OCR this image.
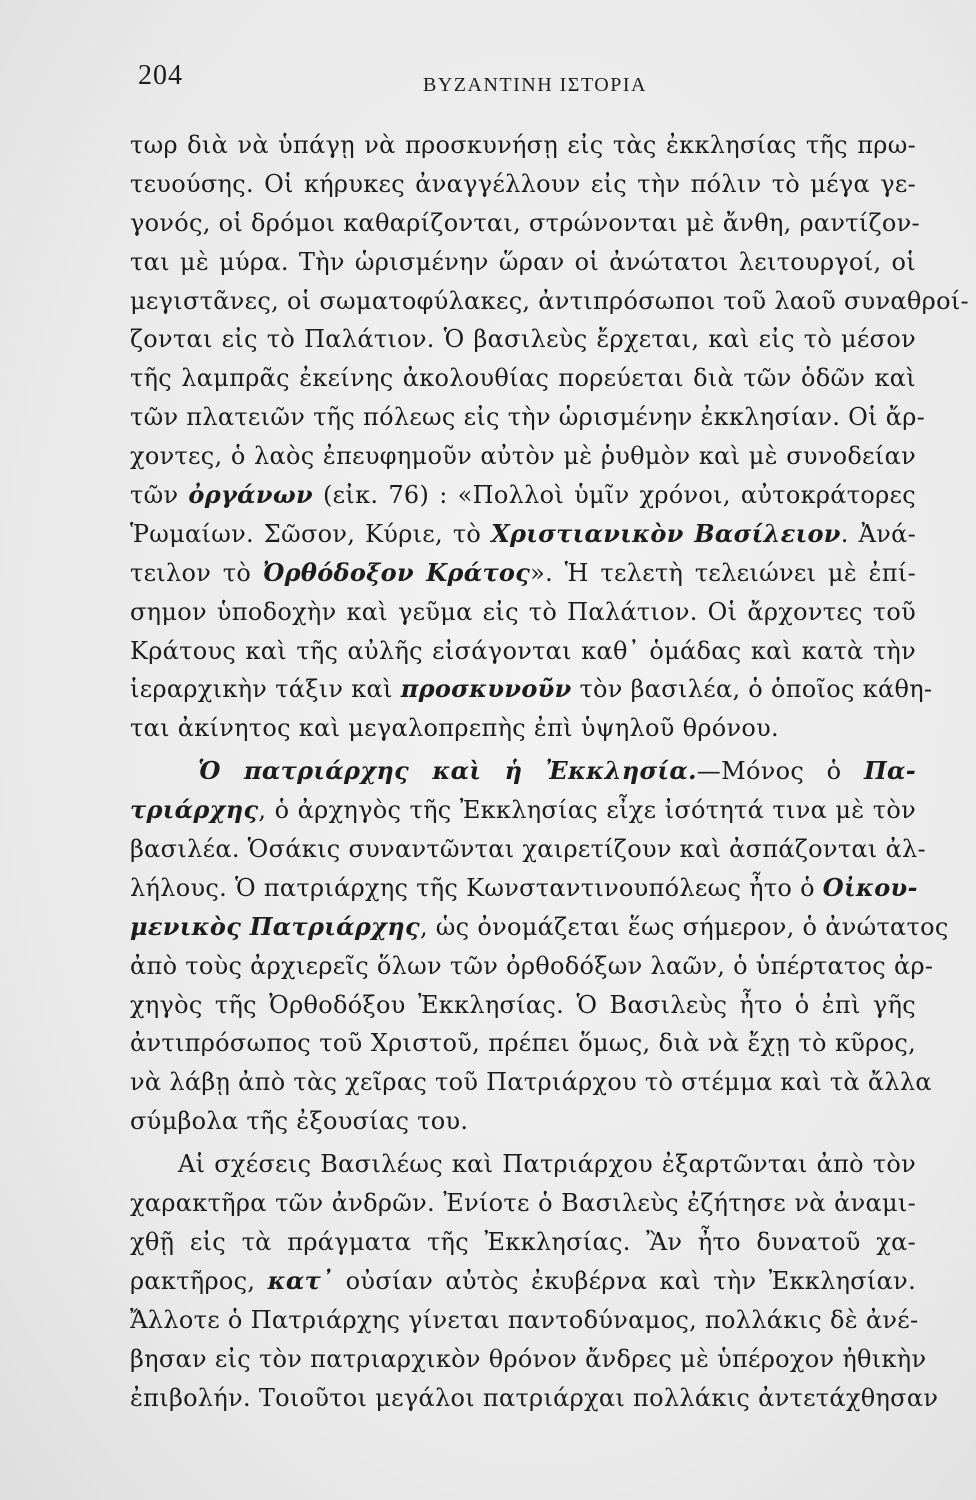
204	ΒΥΖΑΝΤΙΝΗ ΙΣΤΟΡΙΑ
τωρ διὰ νὰ ὑπάγῃ νὰ προσκυνήσῃ εἰς τὰς ἐκκλησίας τῆς πρω-
τευούσης. Οἱ κήρυκες ἀναγγέλλουν εἰς τὴν πόλιν τὸ μέγα γε-
γονός, οἱ δρόμοι καθαρίζονται, στρώνονται μὲ ἄνθη, ραντίζον-
ται μὲ μύρα. Τὴν ὡρισμένην ὥραν οἱ ἀνώτατοι λειτουργοί, οἱ
μεγιστᾶνες, οἱ σωματοφύλακες, ἀντιπρόσωποι τοῦ λαοῦ συναθροί-
ζονται εἰς τὸ Παλάτιον. Ὁ βασιλεὺς ἔρχεται, καὶ εἰς τὸ μέσον
τῆς λαμπρᾶς ἐκείνης ἀκολουθίας πορεύεται διὰ τῶν ὁδῶν καὶ
τῶν πλατειῶν τῆς πόλεως εἰς τὴν ὡρισμένην ἐκκλησίαν. Οἱ ἄρ-
χοντες, ὁ λαὸς ἐπευφημοῦν αὐτὸν μὲ ῥυθμὸν καὶ μὲ συνοδείαν
τῶν ὀργάνων (εἰκ. 76) : «Πολλοὶ ὑμῖν χρόνοι, αὐτοκράτορες
Ῥωμαίων. Σῶσον, Κύριε, τὸ Χριστιανικὸν Βασίλειον. Ἀνά-
τειλον τὸ Ὀρθόδοξον Κράτος». Ἡ τελετὴ τελειώνει μὲ ἐπί-
σημον ὑποδοχὴν καὶ γεῦμα εἰς τὸ Παλάτιον. Οἱ ἄρχοντες τοῦ
Κράτους καὶ τῆς αὐλῆς εἰσάγονται καθ᾽ ὁμάδας καὶ κατὰ τὴν
ἱεραρχικὴν τάξιν καὶ προσκυνοῦν τὸν βασιλέα, ὁ ὁποῖος κάθη-
ται ἀκίνητος καὶ μεγαλοπρεπὴς ἐπὶ ὑψηλοῦ θρόνου.
Ὁ πατριάρχης καὶ ἡ Ἐκκλησία.—Μόνος ὁ Πα-
τριάρχης, ὁ ἀρχηγὸς τῆς Ἐκκλησίας εἶχε ἰσότητά τινα μὲ τὸν
βασιλέα. Ὁσάκις συναντῶνται χαιρετίζουν καὶ ἀσπάζονται ἀλ-
λήλους. Ὁ πατριάρχης τῆς Κωνσταντινουπόλεως ἦτο ὁ Οἰκου-
μενικὸς Πατριάρχης, ὡς ὀνομάζεται ἕως σήμερον, ὁ ἀνώτατος
ἀπὸ τοὺς ἀρχιερεῖς ὅλων τῶν ὀρθοδόξων λαῶν, ὁ ὑπέρτατος ἀρ-
χηγὸς τῆς Ὀρθοδόξου Ἐκκλησίας. Ὁ Βασιλεὺς ἦτο ὁ ἐπὶ γῆς
ἀντιπρόσωπος τοῦ Χριστοῦ, πρέπει ὅμως, διὰ νὰ ἔχῃ τὸ κῦρος,
νὰ λάβῃ ἀπὸ τὰς χεῖρας τοῦ Πατριάρχου τὸ στέμμα καὶ τὰ ἄλλα
σύμβολα τῆς ἐξουσίας του.
Αἱ σχέσεις Βασιλέως καὶ Πατριάρχου ἐξαρτῶνται ἀπὸ τὸν
χαρακτῆρα τῶν ἀνδρῶν. Ἐνίοτε ὁ Βασιλεὺς ἐζήτησε νὰ ἀναμι-
χθῇ εἰς τὰ πράγματα τῆς Ἐκκλησίας. Ἂν ἦτο δυνατοῦ χα-
ρακτῆρος, κατ᾽ οὐσίαν αὐτὸς ἐκυβέρνα καὶ τὴν Ἐκκλησίαν.
Ἄλλοτε ὁ Πατριάρχης γίνεται παντοδύναμος, πολλάκις δὲ ἀνέ-
βησαν εἰς τὸν πατριαρχικὸν θρόνον ἄνδρες μὲ ὑπέροχον ἠθικὴν
ἐπιβολήν. Τοιοῦτοι μεγάλοι πατριάρχαι πολλάκις ἀντετάχθησαν
